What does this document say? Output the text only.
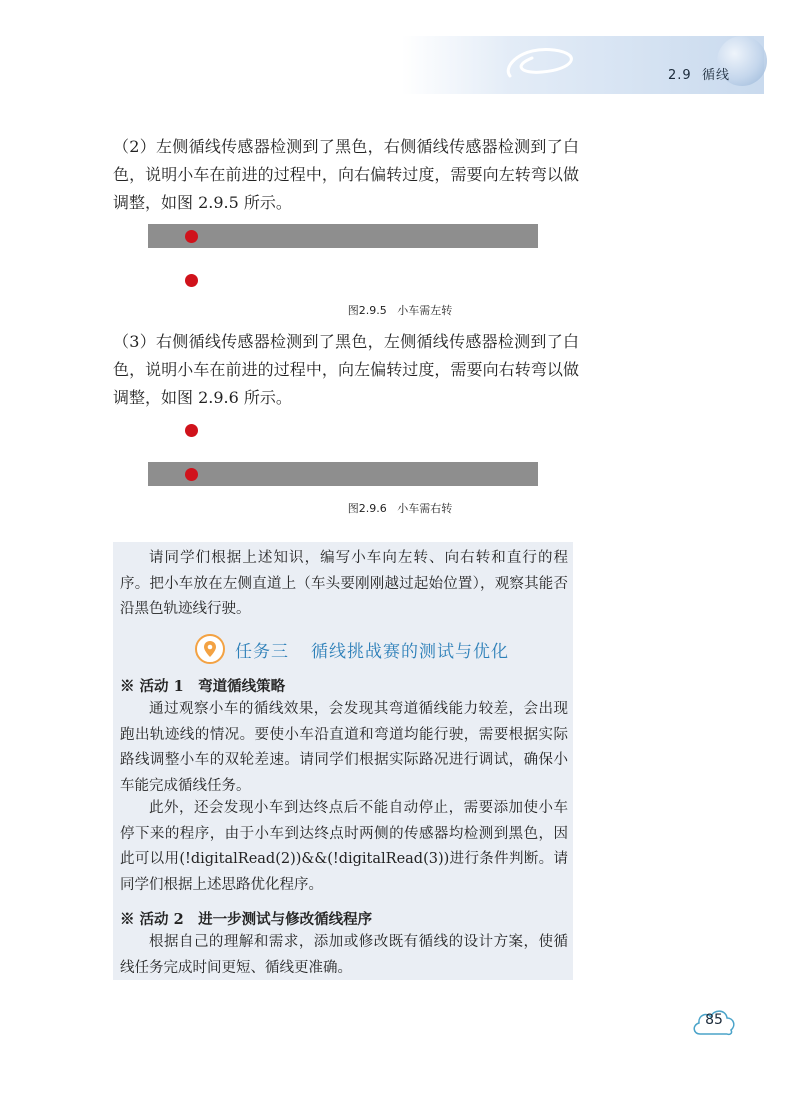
2.9 循线

（2）左侧循线传感器检测到了黑色，右侧循线传感器检测到了白色，说明小车在前进的过程中，向右偏转过度，需要向左转弯以做调整，如图 2.9.5 所示。

图2.9.5 小车需左转

（3）右侧循线传感器检测到了黑色，左侧循线传感器检测到了白色，说明小车在前进的过程中，向左偏转过度，需要向右转弯以做调整，如图 2.9.6 所示。

图2.9.6 小车需右转

请同学们根据上述知识，编写小车向左转、向右转和直行的程序。把小车放在左侧直道上（车头要刚刚越过起始位置），观察其能否沿黑色轨迹线行驶。

任务三 循线挑战赛的测试与优化
※ 活动 1　弯道循线策略

通过观察小车的循线效果，会发现其弯道循线能力较差，会出现跑出轨迹线的情况。要使小车沿直道和弯道均能行驶，需要根据实际路线调整小车的双轮差速。请同学们根据实际路况进行调试，确保小车能完成循线任务。

此外，还会发现小车到达终点后不能自动停止，需要添加使小车停下来的程序，由于小车到达终点时两侧的传感器均检测到黑色，因此可以用(!digitalRead(2))&&(!digitalRead(3))进行条件判断。请同学们根据上述思路优化程序。

※ 活动 2　进一步测试与修改循线程序

根据自己的理解和需求，添加或修改既有循线的设计方案，使循线任务完成时间更短、循线更准确。

85
